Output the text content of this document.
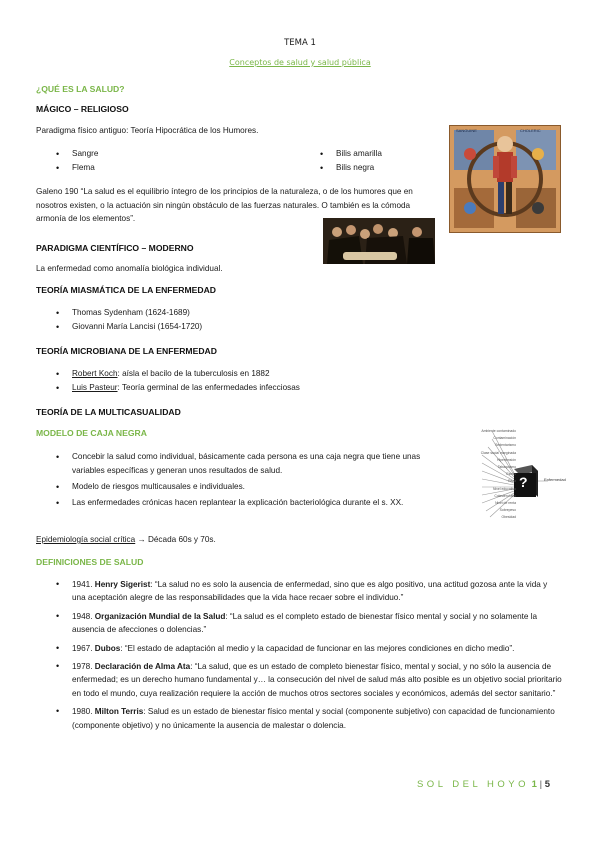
TEMA 1
Conceptos de salud y salud pública
¿QUÉ ES LA SALUD?
MÁGICO – RELIGIOSO
Paradigma físico antiguo: Teoría Hipocrática de los Humores.
• Sangre
• Flema
• Bilis amarilla
• Bilis negra
Galeno 190 “La salud es el equilibrio íntegro de los principios de la naturaleza, o de los humores que en nosotros existen, o la actuación sin ningún obstáculo de las fuerzas naturales. O también es la cómoda armonía de los elementos”.
SANGUINE	CHOLERIC
PARADIGMA CIENTÍFICO – MODERNO
La enfermedad como anomalía biológica individual.
TEORÍA MIASMÁTICA DE LA ENFERMEDAD
• Thomas Sydenham (1624-1689)
• Giovanni María Lancisi (1654-1720)
TEORÍA MICROBIANA DE LA ENFERMEDAD
• Robert Koch: aísla el bacilo de la tuberculosis en 1882
• Luis Pasteur: Teoría germinal de las enfermedades infecciosas
TEORÍA DE LA MULTICASUALIDAD
MODELO DE CAJA NEGRA
• Concebir la salud como individual, básicamente cada persona es una caja negra que tiene unas variables específicas y generan unos resultados de salud.
• Modelo de riesgos multicausales e individuales.
• Las enfermedades crónicas hacen replantear la explicación bacteriológica durante el s. XX.
?	Enfermedad
Ambiente contaminado
Contaminación
Sedentarismo
Clase social marginada
Hipertensión
Tabaquismo
Estrés
Raza
Nivel educativo
Colesterol alto
Nivel de renta
Sobrepeso
Obesidad
Epidemiología social crítica → Década 60s y 70s.
DEFINICIONES DE SALUD
• 1941. Henry Sigerist: “La salud no es solo la ausencia de enfermedad, sino que es algo positivo, una actitud gozosa ante la vida y una aceptación alegre de las responsabilidades que la vida hace recaer sobre el individuo.”
• 1948. Organización Mundial de la Salud: “La salud es el completo estado de bienestar físico mental y social y no solamente la ausencia de afecciones o dolencias.”
• 1967. Dubos: “El estado de adaptación al medio y la capacidad de funcionar en las mejores condiciones en dicho medio”.
• 1978. Declaración de Alma Ata: “La salud, que es un estado de completo bienestar físico, mental y social, y no sólo la ausencia de enfermedad; es un derecho humano fundamental y… la consecución del nivel de salud más alto posible es un objetivo social prioritario en todo el mundo, cuya realización requiere la acción de muchos otros sectores sociales y económicos, además del sector sanitario.”
• 1980. Milton Terris: Salud es un estado de bienestar físico mental y social (componente subjetivo) con capacidad de funcionamiento (componente objetivo) y no únicamente la ausencia de malestar o dolencia.
SOL DEL HOYO 1 | 5
